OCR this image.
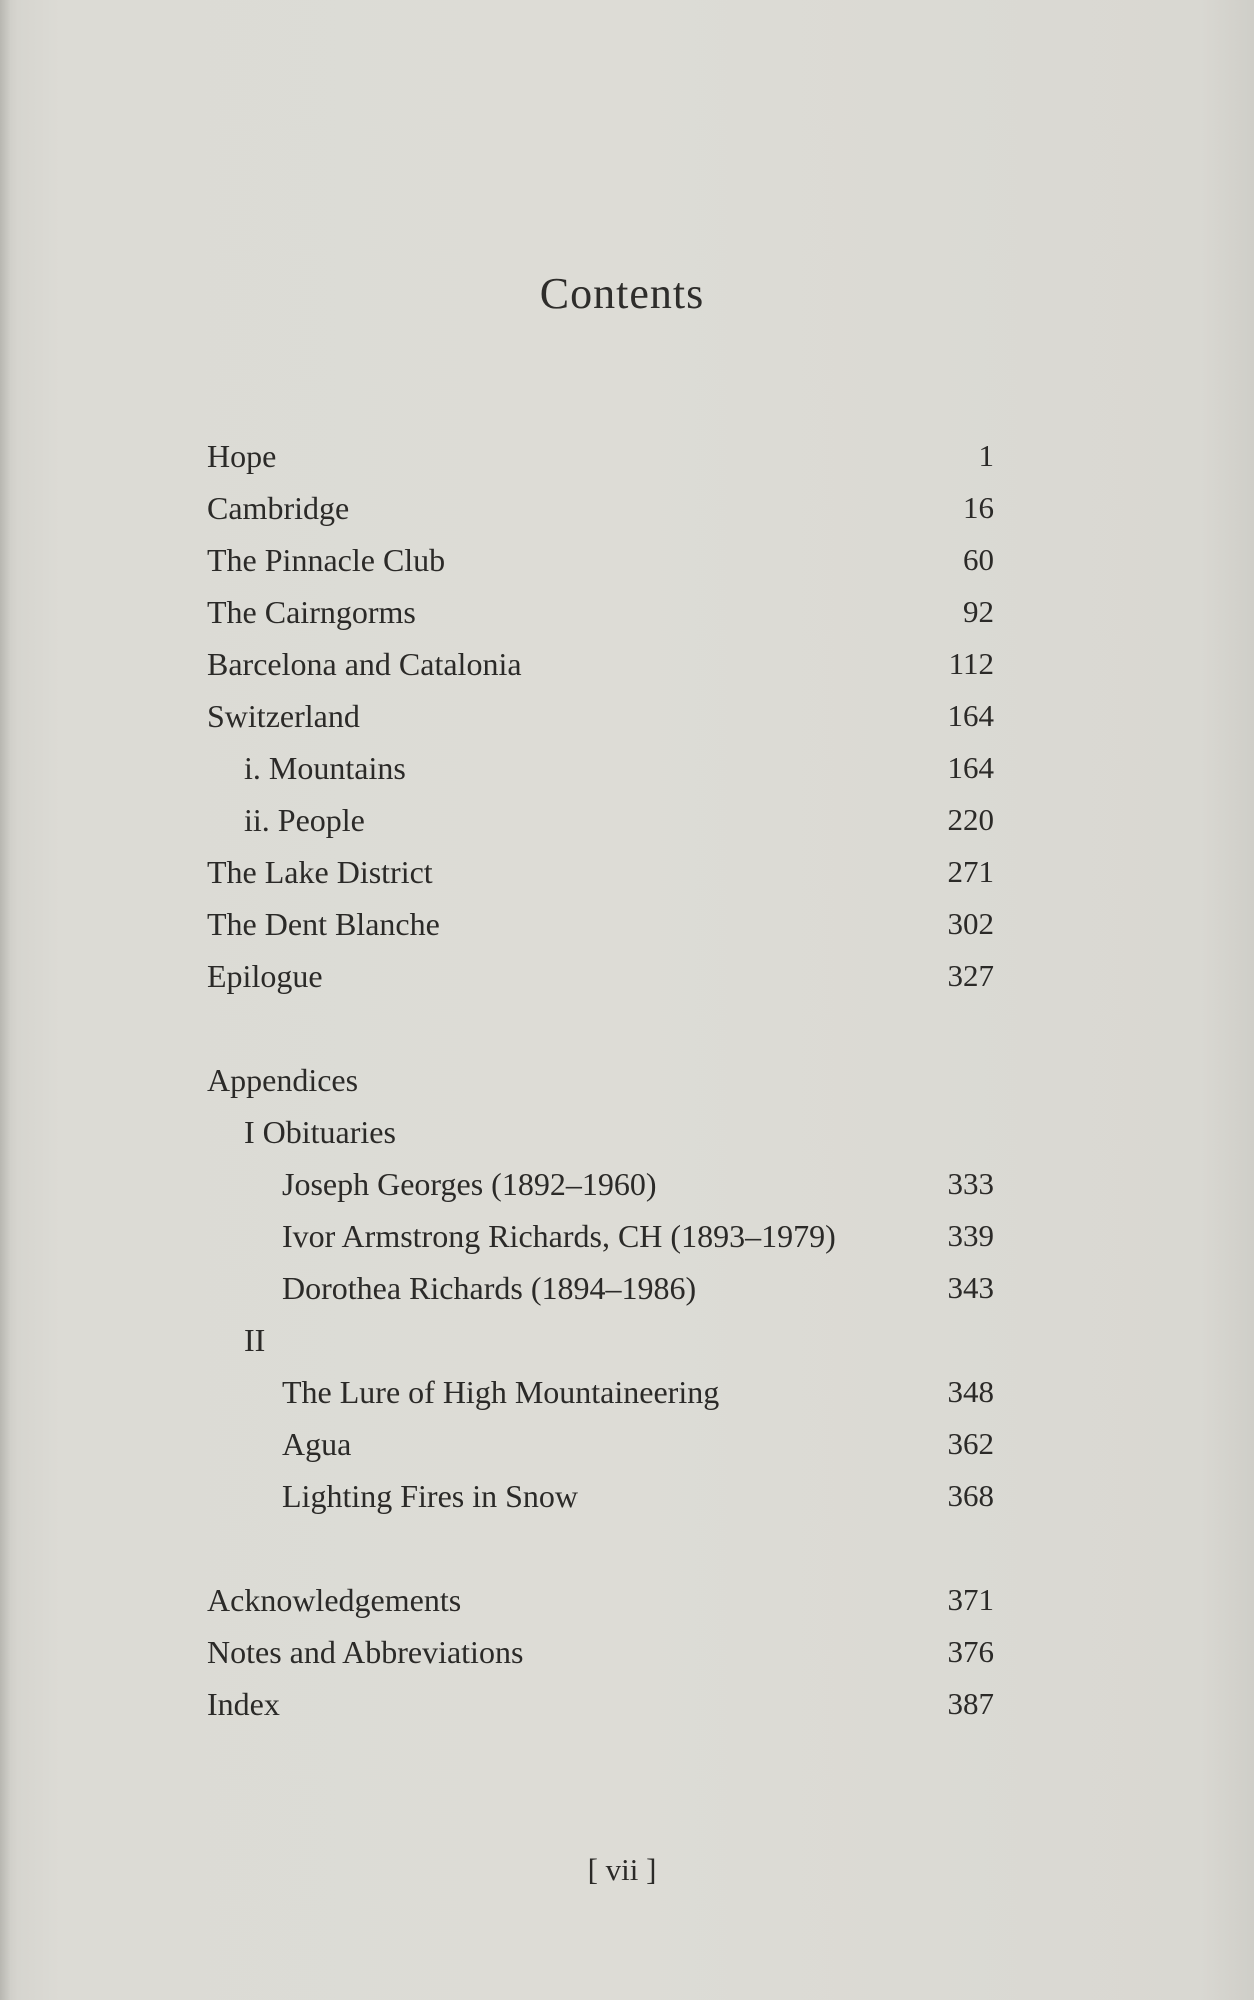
Contents
Hope	1
Cambridge	16
The Pinnacle Club	60
The Cairngorms	92
Barcelona and Catalonia	112
Switzerland	164
i. Mountains	164
ii. People	220
The Lake District	271
The Dent Blanche	302
Epilogue	327
Appendices
I Obituaries
Joseph Georges (1892–1960)	333
Ivor Armstrong Richards, CH (1893–1979)	339
Dorothea Richards (1894–1986)	343
II
The Lure of High Mountaineering	348
Agua	362
Lighting Fires in Snow	368
Acknowledgements	371
Notes and Abbreviations	376
Index	387
[ vii ]
